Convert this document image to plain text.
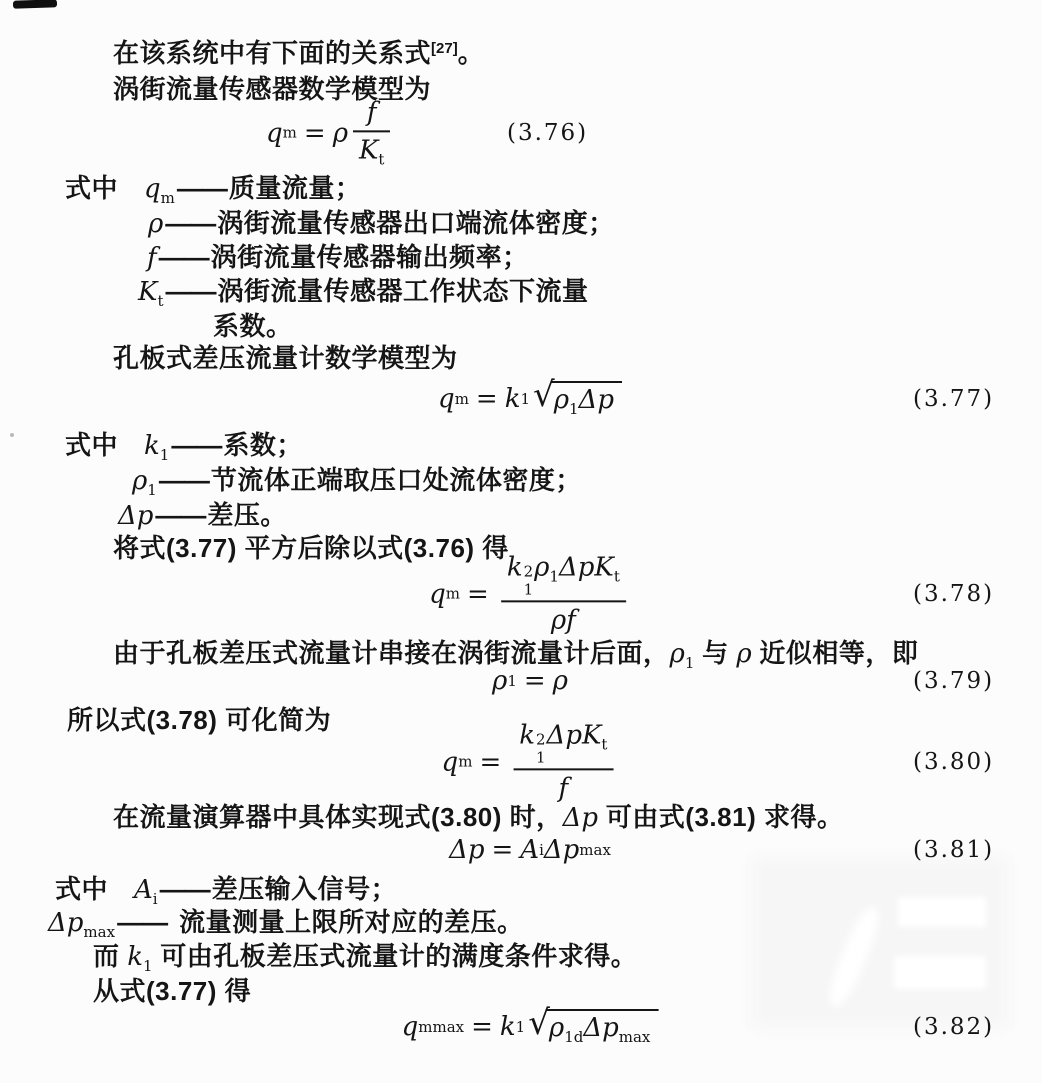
在该系统中有下面的关系式[27]。
涡街流量传感器数学模型为
q m = ρ $\frac{f}{K_t}$	(3.76)
式中 $q_m——$质量流量；
ρ——涡街流量传感器出口端流体密度；
f——涡街流量传感器输出频率；
$K_t——$涡街流量传感器工作状态下流量
系数。
孔板式差压流量计数学模型为
q m = k 1 √ $\rho_1\Delta p$	(3.77)
式中 $k_1——$系数；
$\rho_1——$节流体正端取压口处流体密度；
Δp——差压。
将式(3.77) 平方后除以式(3.76) 得
q m = k 2
1
$\rho_1\Delta pK_t$
ρf	(3.78)
由于孔板差压式流量计串接在涡街流量计后面，$\rho_1$ 与 ρ 近似相等，即
ρ 1 = ρ	(3.79)
所以式(3.78) 可化简为
q m = k 2
1
ΔpK$_t$
f	(3.80)
在流量演算器中具体实现式(3.80) 时，Δp 可由式(3.81) 求得。
Δp = A i Δp max	(3.81)
式中 $A_i——$差压输入信号；
$\Delta p_{max}——$ 流量测量上限所对应的差压。
而 $k_1$ 可由孔板差压式流量计的满度条件求得。
从式(3.77) 得
q mmax = k 1 √ $\rho_{1d}\Delta p_{max}$	(3.82)
